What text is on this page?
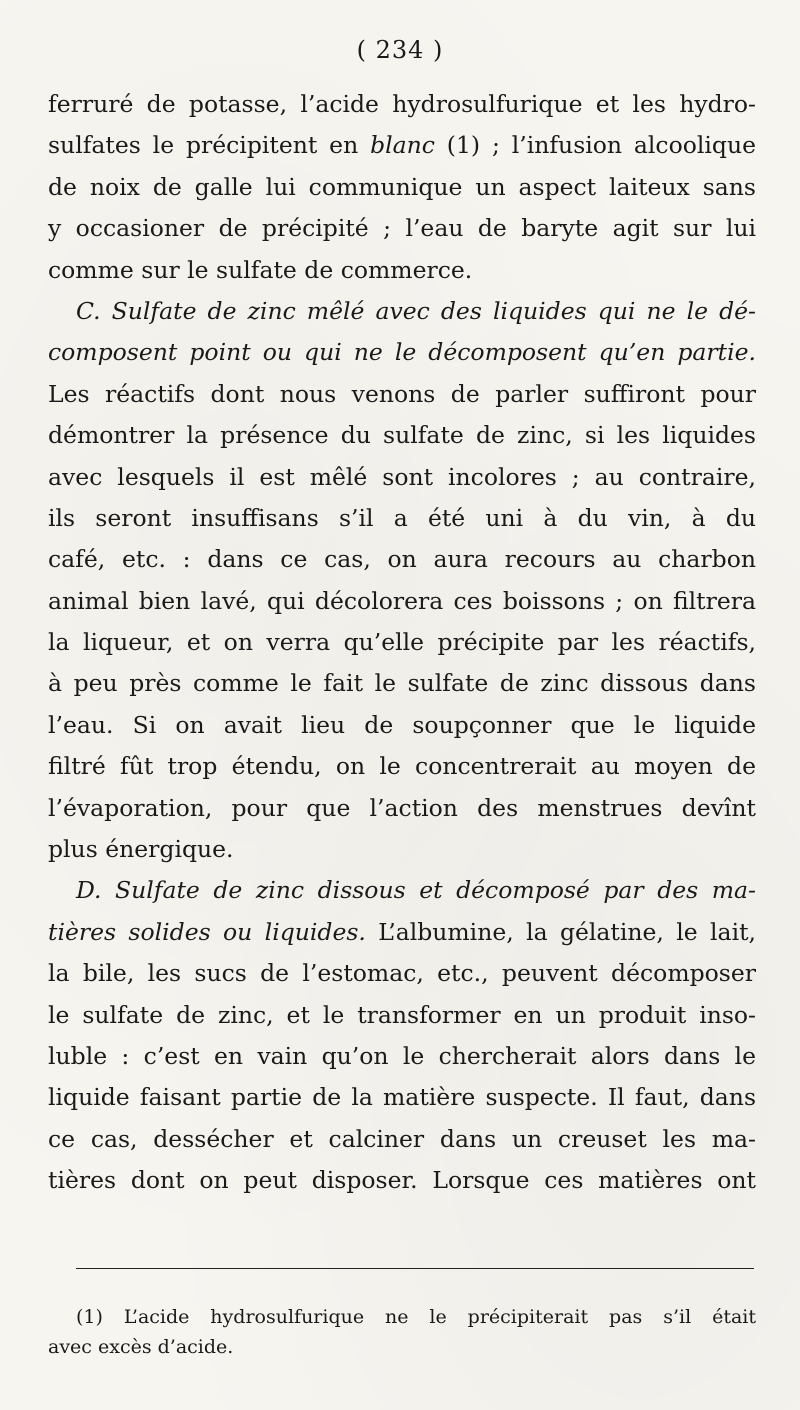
( 234 )
ferruré de potasse, l’acide hydrosulfurique et les hydro-
sulfates le précipitent en blanc (1) ; l’infusion alcoolique
de noix de galle lui communique un aspect laiteux sans
y occasioner de précipité ; l’eau de baryte agit sur lui
comme sur le sulfate de commerce.
C. Sulfate de zinc mêlé avec des liquides qui ne le dé-
composent point ou qui ne le décomposent qu’en partie.
Les réactifs dont nous venons de parler suffiront pour
démontrer la présence du sulfate de zinc, si les liquides
avec lesquels il est mêlé sont incolores ; au contraire,
ils seront insuffisans s’il a été uni à du vin, à du
café, etc. : dans ce cas, on aura recours au charbon
animal bien lavé, qui décolorera ces boissons ; on filtrera
la liqueur, et on verra qu’elle précipite par les réactifs,
à peu près comme le fait le sulfate de zinc dissous dans
l’eau. Si on avait lieu de soupçonner que le liquide
filtré fût trop étendu, on le concentrerait au moyen de
l’évaporation, pour que l’action des menstrues devînt
plus énergique.
D. Sulfate de zinc dissous et décomposé par des ma-
tières solides ou liquides. L’albumine, la gélatine, le lait,
la bile, les sucs de l’estomac, etc., peuvent décomposer
le sulfate de zinc, et le transformer en un produit inso-
luble : c’est en vain qu’on le chercherait alors dans le
liquide faisant partie de la matière suspecte. Il faut, dans
ce cas, dessécher et calciner dans un creuset les ma-
tières dont on peut disposer. Lorsque ces matières ont
(1) L’acide hydrosulfurique ne le précipiterait pas s’il était
avec excès d’acide.
